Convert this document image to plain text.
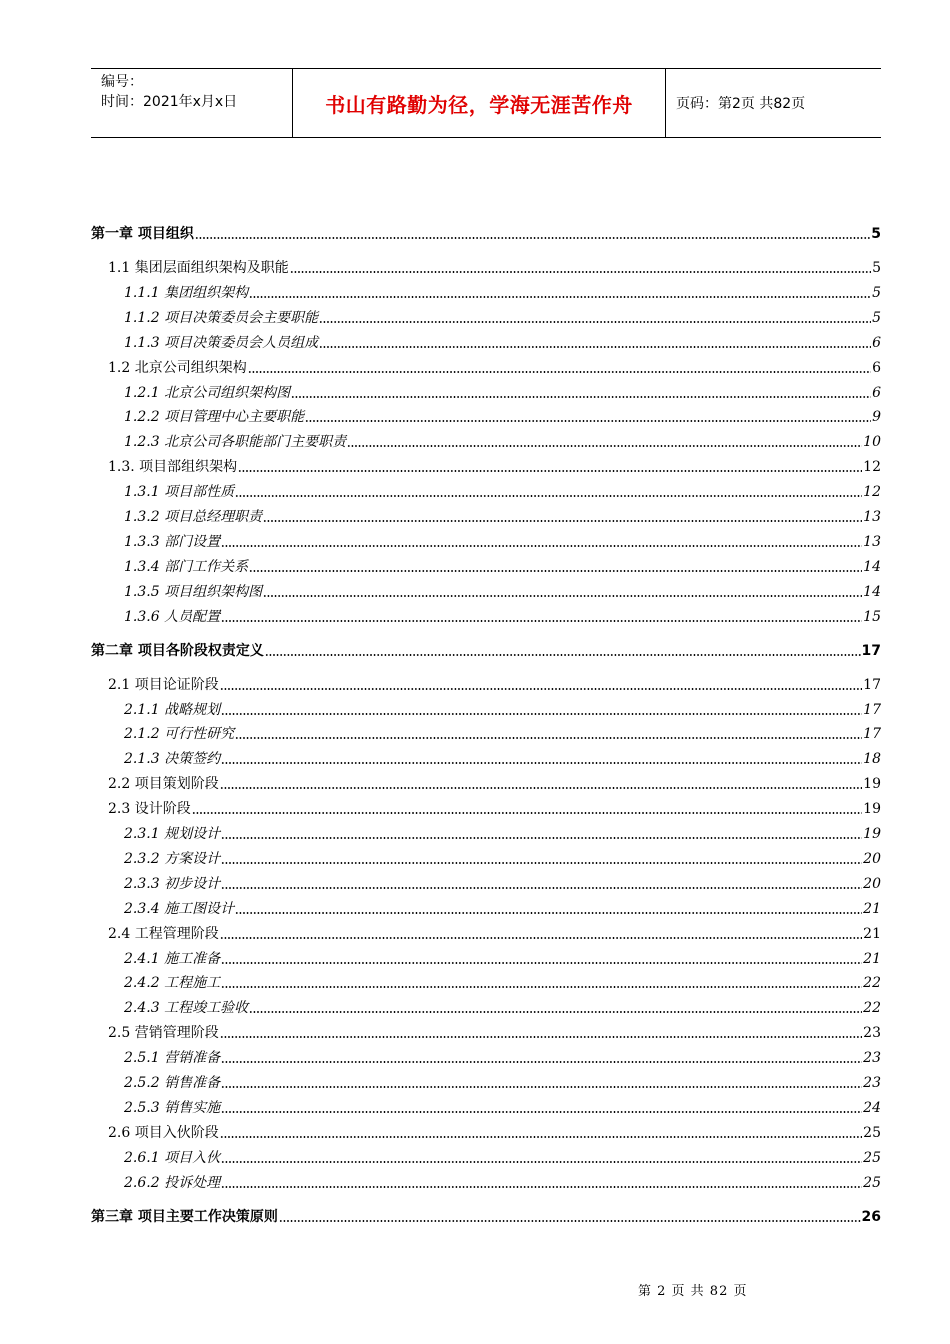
编号：
时间：2021年x月x日	书山有路勤为径，学海无涯苦作舟	页码：第2页 共82页
第一章 项目组织	5
1.1 集团层面组织架构及职能	5
1.1.1 集团组织架构	5
1.1.2 项目决策委员会主要职能	5
1.1.3 项目决策委员会人员组成	6
1.2 北京公司组织架构	6
1.2.1 北京公司组织架构图	6
1.2.2 项目管理中心主要职能	9
1.2.3 北京公司各职能部门主要职责	10
1.3. 项目部组织架构	12
1.3.1 项目部性质	12
1.3.2 项目总经理职责	13
1.3.3 部门设置	13
1.3.4 部门工作关系	14
1.3.5 项目组织架构图	14
1.3.6 人员配置	15
第二章 项目各阶段权责定义	17
2.1 项目论证阶段	17
2.1.1 战略规划	17
2.1.2 可行性研究	17
2.1.3 决策签约	18
2.2 项目策划阶段	19
2.3 设计阶段	19
2.3.1 规划设计	19
2.3.2 方案设计	20
2.3.3 初步设计	20
2.3.4 施工图设计	21
2.4 工程管理阶段	21
2.4.1 施工准备	21
2.4.2 工程施工	22
2.4.3 工程竣工验收	22
2.5 营销管理阶段	23
2.5.1 营销准备	23
2.5.2 销售准备	23
2.5.3 销售实施	24
2.6 项目入伙阶段	25
2.6.1 项目入伙	25
2.6.2 投诉处理	25
第三章 项目主要工作决策原则	26
第 2 页 共 82 页
